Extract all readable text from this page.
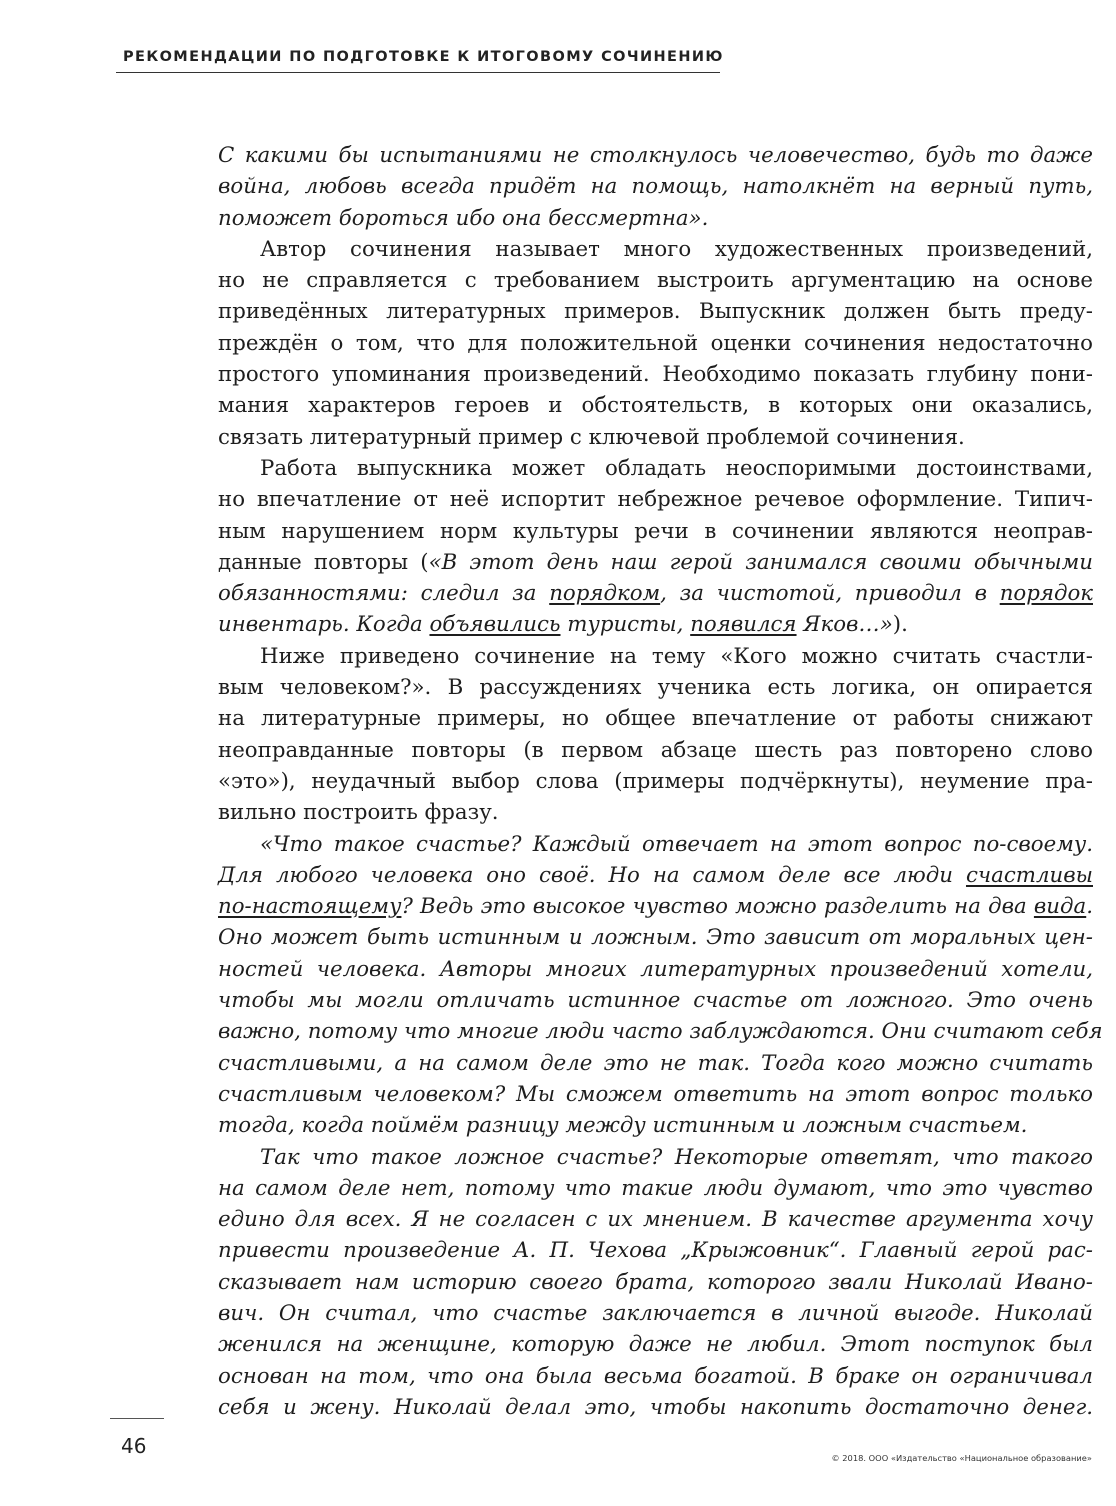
РЕКОМЕНДАЦИИ ПО ПОДГОТОВКЕ К ИТОГОВОМУ СОЧИНЕНИЮ
С какими бы испытаниями не столкнулось человечество, будь то даже
война, любовь всегда придёт на помощь, натолкнёт на верный путь,
поможет бороться ибо она бессмертна».
Автор сочинения называет много художественных произведений,
но не справляется с требованием выстроить аргументацию на основе
приведённых литературных примеров. Выпускник должен быть преду-
преждён о том, что для положительной оценки сочинения недостаточно
простого упоминания произведений. Необходимо показать глубину пони-
мания характеров героев и обстоятельств, в которых они оказались,
связать литературный пример с ключевой проблемой сочинения.
Работа выпускника может обладать неоспоримыми достоинствами,
но впечатление от неё испортит небрежное речевое оформление. Типич-
ным нарушением норм культуры речи в сочинении являются неоправ-
данные повторы («В этот день наш герой занимался своими обычными
обязанностями: следил за порядком, за чистотой, приводил в порядок
инвентарь. Когда объявились туристы, появился Яков…»).
Ниже приведено сочинение на тему «Кого можно считать счастли-
вым человеком?». В рассуждениях ученика есть логика, он опирается
на литературные примеры, но общее впечатление от работы снижают
неоправданные повторы (в первом абзаце шесть раз повторено слово
«это»), неудачный выбор слова (примеры подчёркнуты), неумение пра-
вильно построить фразу.
«Что такое счастье? Каждый отвечает на этот вопрос по-своему.
Для любого человека оно своё. Но на самом деле все люди счастливы
по-настоящему? Ведь это высокое чувство можно разделить на два вида.
Оно может быть истинным и ложным. Это зависит от моральных цен-
ностей человека. Авторы многих литературных произведений хотели,
чтобы мы могли отличать истинное счастье от ложного. Это очень
важно, потому что многие люди часто заблуждаются. Они считают себя
счастливыми, а на самом деле это не так. Тогда кого можно считать
счастливым человеком? Мы сможем ответить на этот вопрос только
тогда, когда поймём разницу между истинным и ложным счастьем.
Так что такое ложное счастье? Некоторые ответят, что такого
на самом деле нет, потому что такие люди думают, что это чувство
едино для всех. Я не согласен с их мнением. В качестве аргумента хочу
привести произведение А. П. Чехова „Крыжовник“. Главный герой рас-
сказывает нам историю своего брата, которого звали Николай Ивано-
вич. Он считал, что счастье заключается в личной выгоде. Николай
женился на женщине, которую даже не любил. Этот поступок был
основан на том, что она была весьма богатой. В браке он ограничивал
себя и жену. Николай делал это, чтобы накопить достаточно денег.
46	© 2018. ООО «Издательство «Национальное образование»
